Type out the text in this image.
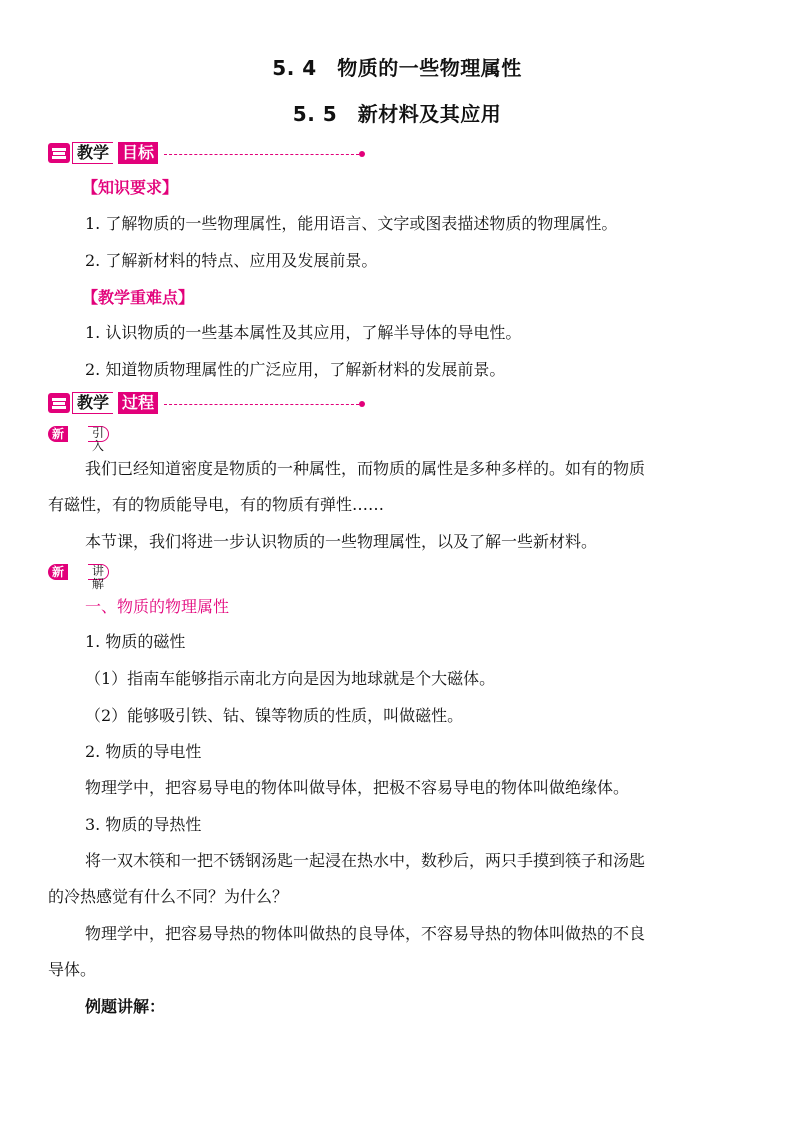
5. 4　物质的一些物理属性
5. 5　新材料及其应用
教学 目标
【知识要求】
1. 了解物质的一些物理属性，能用语言、文字或图表描述物质的物理属性。
2. 了解新材料的特点、应用及发展前景。
【教学重难点】
1. 认识物质的一些基本属性及其应用，了解半导体的导电性。
2. 知道物质物理属性的广泛应用，了解新材料的发展前景。
教学 过程
新课
引入
我们已经知道密度是物质的一种属性，而物质的属性是多种多样的。如有的物质
有磁性，有的物质能导电，有的物质有弹性……
本节课，我们将进一步认识物质的一些物理属性，以及了解一些新材料。
新课
讲解
一、物质的物理属性
1. 物质的磁性
（1）指南车能够指示南北方向是因为地球就是个大磁体。
（2）能够吸引铁、钴、镍等物质的性质，叫做磁性。
2. 物质的导电性
物理学中，把容易导电的物体叫做导体，把极不容易导电的物体叫做绝缘体。
3. 物质的导热性
将一双木筷和一把不锈钢汤匙一起浸在热水中，数秒后，两只手摸到筷子和汤匙
的冷热感觉有什么不同？为什么？
物理学中，把容易导热的物体叫做热的良导体，不容易导热的物体叫做热的不良
导体。
例题讲解：
